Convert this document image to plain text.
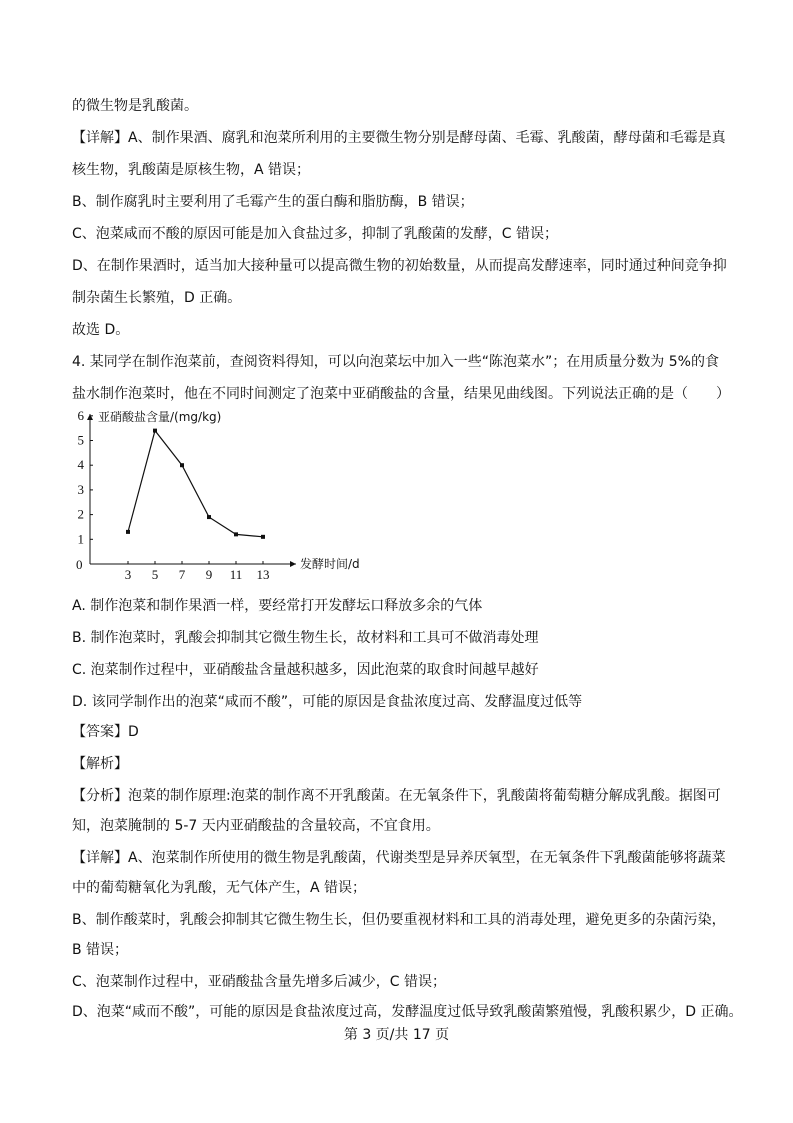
的微生物是乳酸菌。
【详解】A、制作果酒、腐乳和泡菜所利用的主要微生物分别是酵母菌、毛霉、乳酸菌，酵母菌和毛霉是真
核生物，乳酸菌是原核生物，A 错误；
B、制作腐乳时主要利用了毛霉产生的蛋白酶和脂肪酶，B 错误；
C、泡菜咸而不酸的原因可能是加入食盐过多，抑制了乳酸菌的发酵，C 错误；
D、在制作果酒时，适当加大接种量可以提高微生物的初始数量，从而提高发酵速率，同时通过种间竞争抑
制杂菌生长繁殖，D 正确。
故选 D。
4. 某同学在制作泡菜前，查阅资料得知，可以向泡菜坛中加入一些“陈泡菜水”；在用质量分数为 5%的食
盐水制作泡菜时，他在不同时间测定了泡菜中亚硝酸盐的含量，结果见曲线图。下列说法正确的是（　　）
3 5 7 9 11 13
1
2
3
4
5
6 亚硝酸盐含量/(mg/kg)
发酵时间/d
0
A. 制作泡菜和制作果酒一样，要经常打开发酵坛口释放多余的气体
B. 制作泡菜时，乳酸会抑制其它微生物生长，故材料和工具可不做消毒处理
C. 泡菜制作过程中，亚硝酸盐含量越积越多，因此泡菜的取食时间越早越好
D. 该同学制作出的泡菜“咸而不酸”，可能的原因是食盐浓度过高、发酵温度过低等
【答案】D
【解析】
【分析】泡菜的制作原理:泡菜的制作离不开乳酸菌。在无氧条件下，乳酸菌将葡萄糖分解成乳酸。据图可
知，泡菜腌制的 5-7 天内亚硝酸盐的含量较高，不宜食用。
【详解】A、泡菜制作所使用的微生物是乳酸菌，代谢类型是异养厌氧型，在无氧条件下乳酸菌能够将蔬菜
中的葡萄糖氧化为乳酸，无气体产生，A 错误；
B、制作酸菜时，乳酸会抑制其它微生物生长，但仍要重视材料和工具的消毒处理，避免更多的杂菌污染，
B 错误；
C、泡菜制作过程中，亚硝酸盐含量先增多后减少，C 错误；
D、泡菜“咸而不酸”，可能的原因是食盐浓度过高，发酵温度过低导致乳酸菌繁殖慢，乳酸积累少，D 正确。
第 3 页/共 17 页
